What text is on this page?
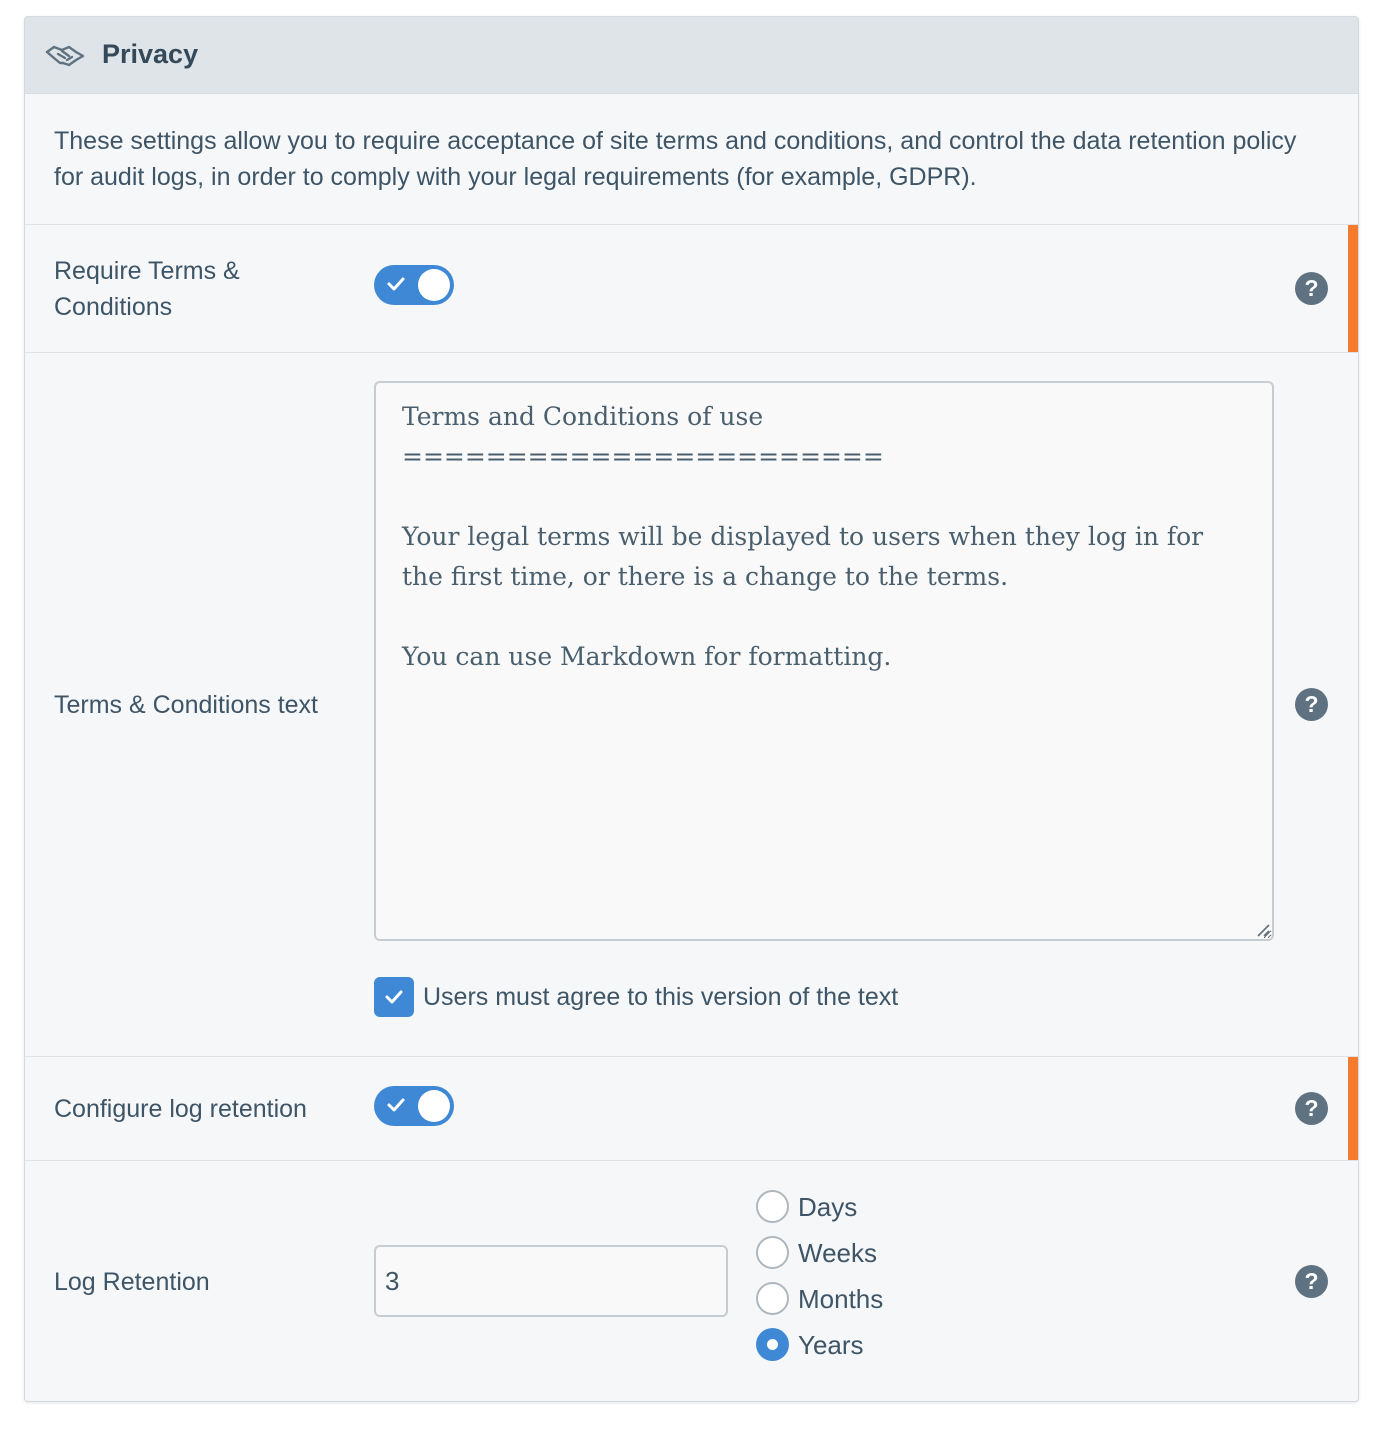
Privacy

These settings allow you to require acceptance of site terms and conditions, and control the data retention policy for audit logs, in order to comply with your legal requirements (for example, GDPR).

Require Terms & Conditions
?
Terms & Conditions text
Terms and Conditions of use ======================= Your legal terms will be displayed to users when they log in for the first time, or there is a change to the terms. You can use Markdown for formatting.	?
Users must agree to this version of the text
Configure log retention	?
Log Retention
3
Days
Weeks
Months
Years
?
